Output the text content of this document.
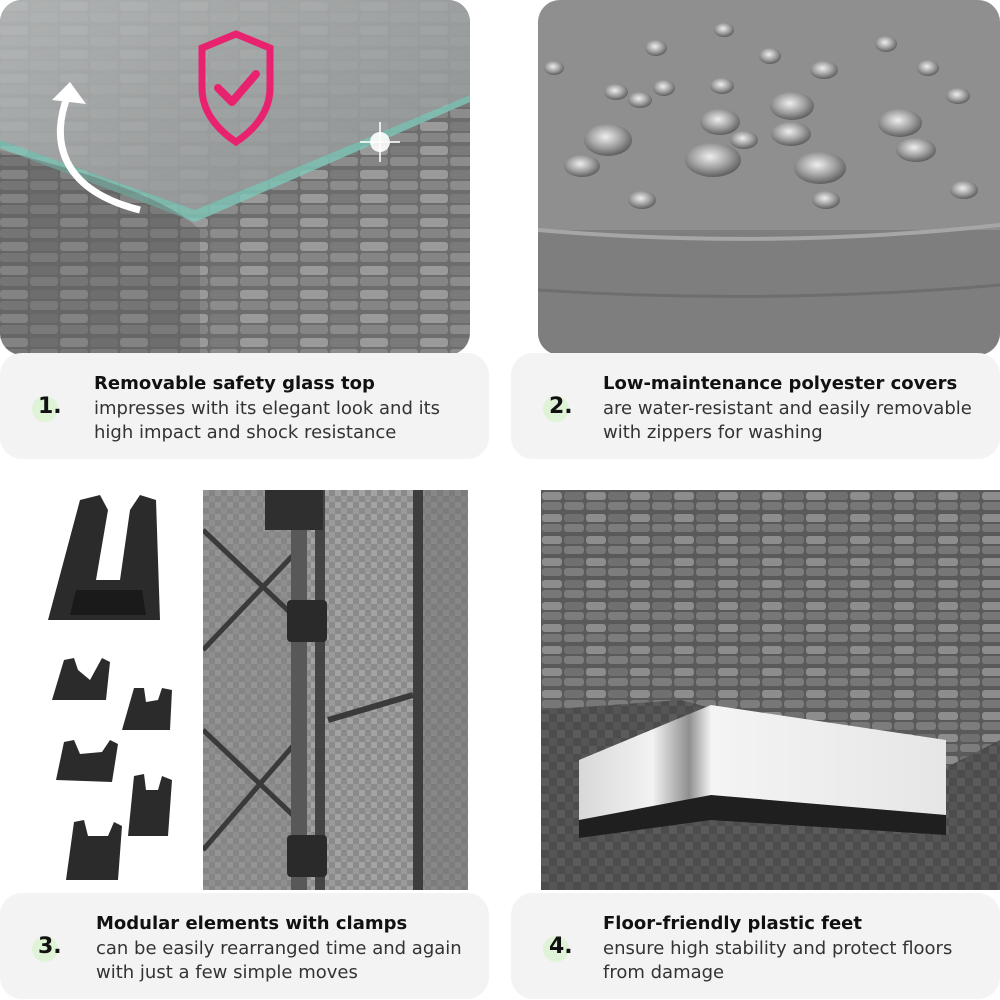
1.
Removable safety glass top
impresses with its elegant look and its high impact and shock resistance
2.
Low-maintenance polyester covers
are water-resistant and easily removable with zippers for washing
3.
Modular elements with clamps
can be easily rearranged time and again with just a few simple moves
4.
Floor-friendly plastic feet
ensure high stability and protect floors from damage
